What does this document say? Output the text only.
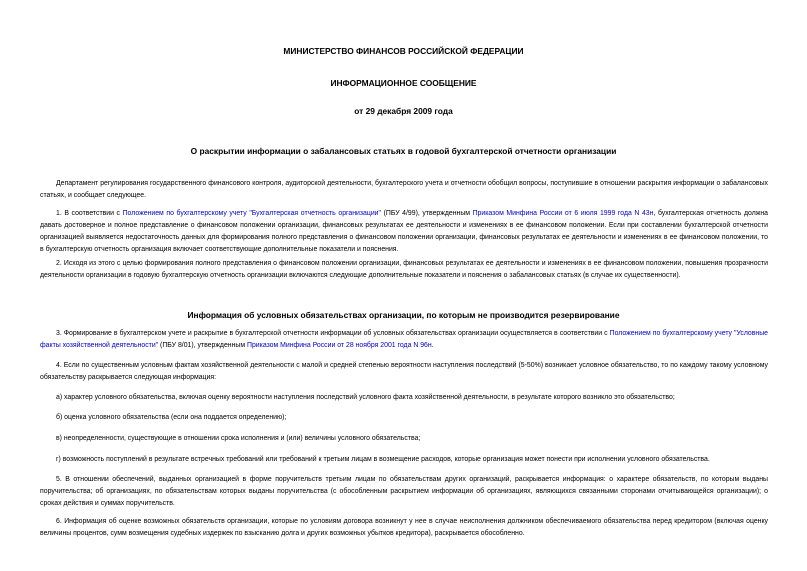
МИНИСТЕРСТВО ФИНАНСОВ РОССИЙСКОЙ ФЕДЕРАЦИИ
ИНФОРМАЦИОННОЕ СООБЩЕНИЕ
от 29 декабря 2009 года
О раскрытии информации о забалансовых статьях в годовой бухгалтерской отчетности организации

Департамент регулирования государственного финансового контроля, аудиторской деятельности, бухгалтерского учета и отчетности обобщил вопросы, поступившие в отношении раскрытия информации о забалансовых статьях, и сообщает следующее.

1. В соответствии с Положением по бухгалтерскому учету "Бухгалтерская отчетность организации" (ПБУ 4/99), утвержденным Приказом Минфина России от 6 июля 1999 года N 43н, бухгалтерская отчетность должна давать достоверное и полное представление о финансовом положении организации, финансовых результатах ее деятельности и изменениях в ее финансовом положении. Если при составлении бухгалтерской отчетности организацией выявляется недостаточность данных для формирования полного представления о финансовом положении организации, финансовых результатах ее деятельности и изменениях в ее финансовом положении, то в бухгалтерскую отчетность организация включает соответствующие дополнительные показатели и пояснения.

2. Исходя из этого с целью формирования полного представления о финансовом положении организации, финансовых результатах ее деятельности и изменениях в ее финансовом положении, повышения прозрачности деятельности организации в годовую бухгалтерскую отчетность организации включаются следующие дополнительные показатели и пояснения о забалансовых статьях (в случае их существенности).

Информация об условных обязательствах организации, по которым не производится резервирование

3. Формирование в бухгалтерском учете и раскрытие в бухгалтерской отчетности информации об условных обязательствах организации осуществляется в соответствии с Положением по бухгалтерскому учету "Условные факты хозяйственной деятельности" (ПБУ 8/01), утвержденным Приказом Минфина России от 28 ноября 2001 года N 96н.

4. Если по существенным условным фактам хозяйственной деятельности с малой и средней степенью вероятности наступления последствий (5-50%) возникает условное обязательство, то по каждому такому условному обязательству раскрывается следующая информация:

а) характер условного обязательства, включая оценку вероятности наступления последствий условного факта хозяйственной деятельности, в результате которого возникло это обязательство;

б) оценка условного обязательства (если она поддается определению);

в) неопределенности, существующие в отношении срока исполнения и (или) величины условного обязательства;

г) возможность поступлений в результате встречных требований или требований к третьим лицам в возмещение расходов, которые организация может понести при исполнении условного обязательства.

5. В отношении обеспечений, выданных организацией в форме поручительств третьим лицам по обязательствам других организаций, раскрывается информация: о характере обязательств, по которым выданы поручительства; об организациях, по обязательствам которых выданы поручительства (с обособленным раскрытием информации об организациях, являющихся связанными сторонами отчитывающейся организации); о сроках действия и суммах поручительств.

6. Информация об оценке возможных обязательств организации, которые по условиям договора возникнут у нее в случае неисполнения должником обеспечиваемого обязательства перед кредитором (включая оценку величины процентов, сумм возмещения судебных издержек по взысканию долга и других возможных убытков кредитора), раскрывается обособленно.
